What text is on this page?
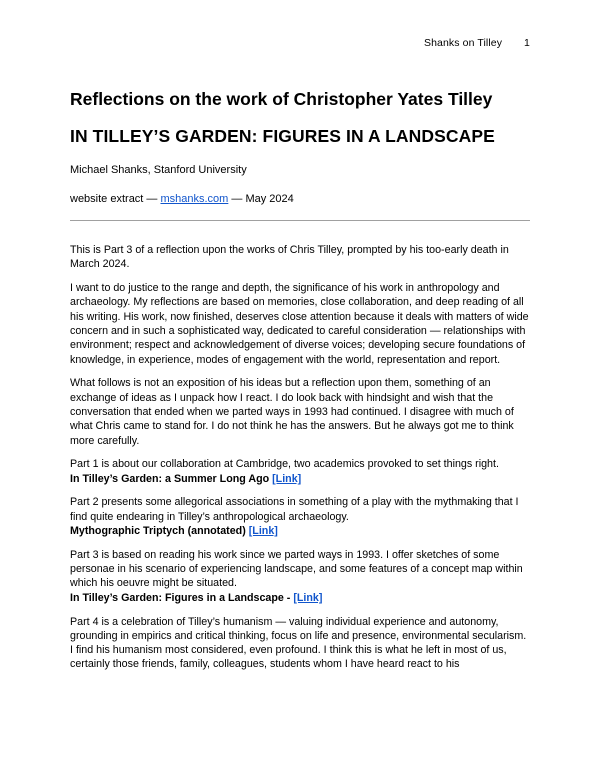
Shanks on Tilley 1
Reflections on the work of Christopher Yates Tilley
IN TILLEY’S GARDEN: FIGURES IN A LANDSCAPE

Michael Shanks, Stanford University

website extract — mshanks.com — May 2024

This is Part 3 of a reflection upon the works of Chris Tilley, prompted by his too-early death in March 2024.

I want to do justice to the range and depth, the significance of his work in anthropology and archaeology. My reflections are based on memories, close collaboration, and deep reading of all his writing. His work, now finished, deserves close attention because it deals with matters of wide concern and in such a sophisticated way, dedicated to careful consideration — relationships with environment; respect and acknowledgement of diverse voices; developing secure foundations of knowledge, in experience, modes of engagement with the world, representation and report.

What follows is not an exposition of his ideas but a reflection upon them, something of an exchange of ideas as I unpack how I react. I do look back with hindsight and wish that the conversation that ended when we parted ways in 1993 had continued. I disagree with much of what Chris came to stand for. I do not think he has the answers. But he always got me to think more carefully.

Part 1 is about our collaboration at Cambridge, two academics provoked to set things right.
In Tilley’s Garden: a Summer Long Ago [Link]

Part 2 presents some allegorical associations in something of a play with the mythmaking that I find quite endearing in Tilley’s anthropological archaeology.
Mythographic Triptych (annotated) [Link]

Part 3 is based on reading his work since we parted ways in 1993. I offer sketches of some personae in his scenario of experiencing landscape, and some features of a concept map within which his oeuvre might be situated.
In Tilley’s Garden: Figures in a Landscape - [Link]

Part 4 is a celebration of Tilley’s humanism — valuing individual experience and autonomy, grounding in empirics and critical thinking, focus on life and presence, environmental secularism. I find his humanism most considered, even profound. I think this is what he left in most of us, certainly those friends, family, colleagues, students whom I have heard react to his
